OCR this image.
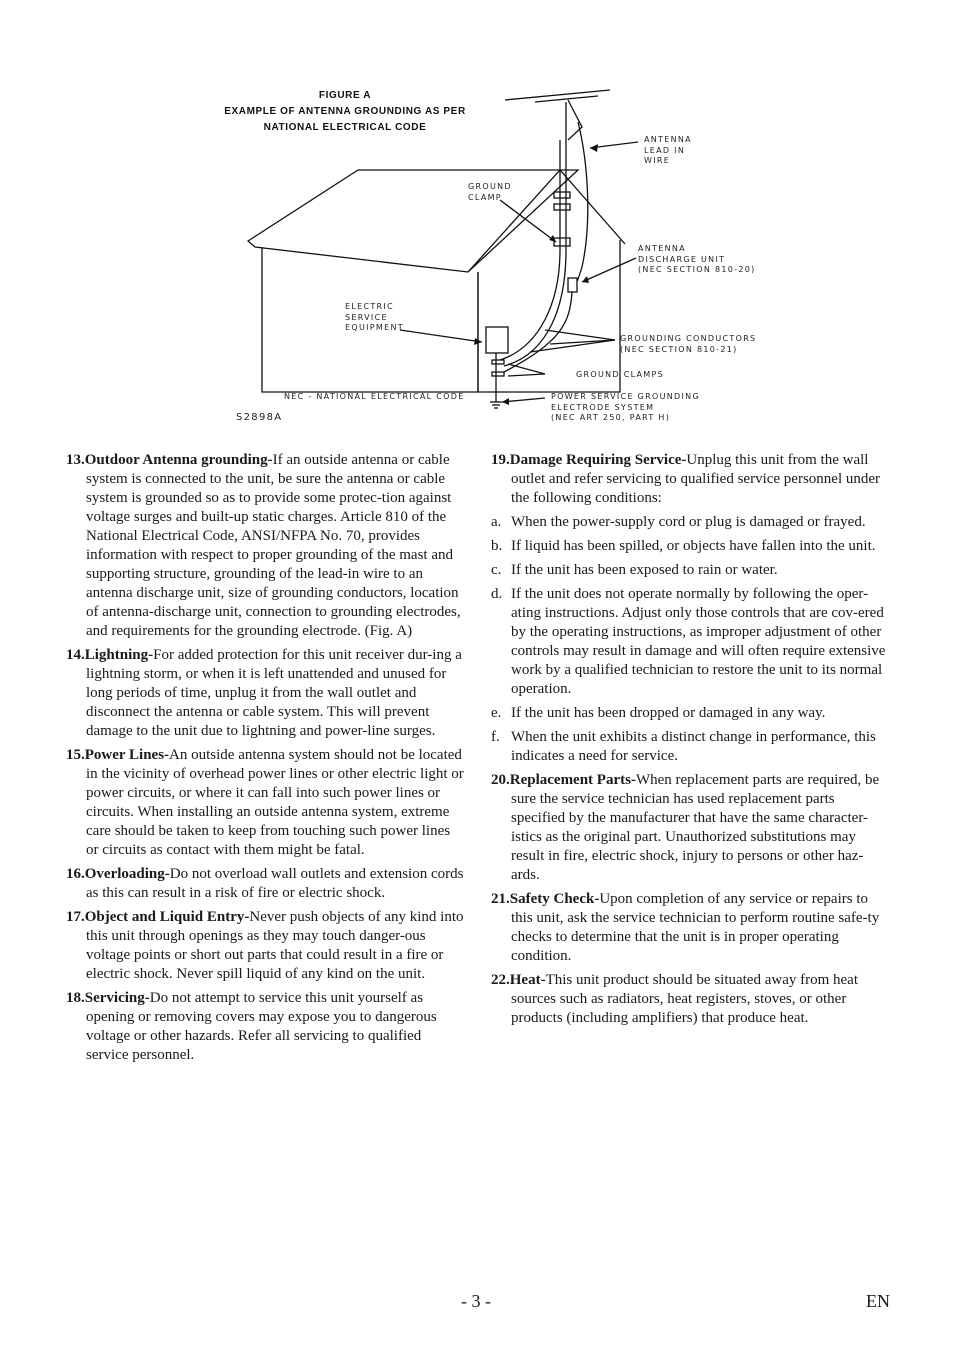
FIGURE A
EXAMPLE OF ANTENNA GROUNDING AS PER
NATIONAL ELECTRICAL CODE
ANTENNA
LEAD IN
WIRE
GROUND
CLAMP
ANTENNA
DISCHARGE UNIT
(NEC SECTION 810-20)
ELECTRIC
SERVICE
EQUIPMENT
GROUNDING CONDUCTORS
(NEC SECTION 810-21)
GROUND CLAMPS
NEC - NATIONAL ELECTRICAL CODE	POWER SERVICE GROUNDING
ELECTRODE SYSTEM
(NEC ART 250, PART H)
S2898A
13.Outdoor Antenna grounding-If an outside antenna or cable system is connected to the unit, be sure the antenna or cable system is grounded so as to provide some protec-tion against voltage surges and built-up static charges. Article 810 of the National Electrical Code, ANSI/NFPA No. 70, provides information with respect to proper grounding of the mast and supporting structure, grounding of the lead-in wire to an antenna discharge unit, size of grounding conductors, location of antenna-discharge unit, connection to grounding electrodes, and requirements for the grounding electrode. (Fig. A)
14.Lightning-For added protection for this unit receiver dur-ing a lightning storm, or when it is left unattended and unused for long periods of time, unplug it from the wall outlet and disconnect the antenna or cable system. This will prevent damage to the unit due to lightning and power-line surges.
15.Power Lines-An outside antenna system should not be located in the vicinity of overhead power lines or other electric light or power circuits, or where it can fall into such power lines or circuits. When installing an outside antenna system, extreme care should be taken to keep from touching such power lines or circuits as contact with them might be fatal.
16.Overloading-Do not overload wall outlets and extension cords as this can result in a risk of fire or electric shock.
17.Object and Liquid Entry-Never push objects of any kind into this unit through openings as they may touch danger-ous voltage points or short out parts that could result in a fire or electric shock. Never spill liquid of any kind on the unit.
18.Servicing-Do not attempt to service this unit yourself as opening or removing covers may expose you to dangerous voltage or other hazards. Refer all servicing to qualified service personnel.
19.Damage Requiring Service-Unplug this unit from the wall outlet and refer servicing to qualified service personnel under the following conditions:
a. When the power-supply cord or plug is damaged or frayed.
b. If liquid has been spilled, or objects have fallen into the unit.
c. If the unit has been exposed to rain or water.
d. If the unit does not operate normally by following the oper-ating instructions. Adjust only those controls that are cov-ered by the operating instructions, as improper adjustment of other controls may result in damage and will often require extensive work by a qualified technician to restore the unit to its normal operation.
e. If the unit has been dropped or damaged in any way.
f. When the unit exhibits a distinct change in performance, this indicates a need for service.
20.Replacement Parts-When replacement parts are required, be sure the service technician has used replacement parts specified by the manufacturer that have the same character-istics as the original part. Unauthorized substitutions may result in fire, electric shock, injury to persons or other haz-ards.
21.Safety Check-Upon completion of any service or repairs to this unit, ask the service technician to perform routine safe-ty checks to determine that the unit is in proper operating condition.
22.Heat-This unit product should be situated away from heat sources such as radiators, heat registers, stoves, or other products (including amplifiers) that produce heat.
- 3 -	EN
